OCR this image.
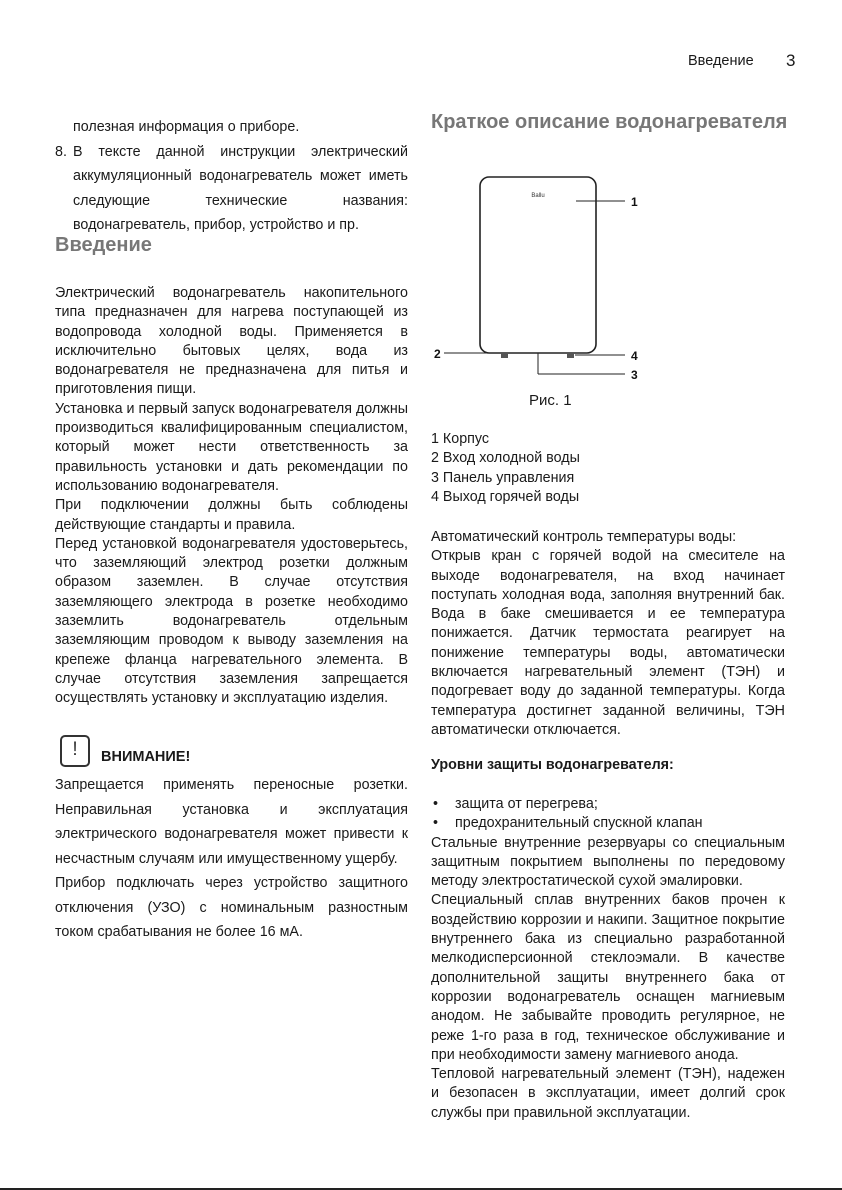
Введение 3

полезная информация о приборе.

8. В тексте данной инструкции электрический аккумуляционный водонагреватель может иметь следующие технические названия: водонагреватель, прибор, устройство и пр.

Введение

Электрический водонагреватель накопительного типа предназначен для нагрева поступающей из водопровода холодной воды. Применяется в исключительно бытовых целях, вода из водонагревателя не предназначена для питья и приготовления пищи.

Установка и первый запуск водонагревателя должны производиться квалифицированным специалистом, который может нести ответственность за правильность установки и дать рекомендации по использованию водонагревателя.

При подключении должны быть соблюдены действующие стандарты и правила.

Перед установкой водонагревателя удостоверьтесь, что заземляющий электрод розетки должным образом заземлен. В случае отсутствия заземляющего электрода в розетке необходимо заземлить водонагреватель отдельным заземляющим проводом к выводу заземления на крепеже фланца нагревательного элемента. В случае отсутствия заземления запрещается осуществлять установку и эксплуатацию изделия.

!	ВНИМАНИЕ!

Запрещается применять переносные розетки. Неправильная установка и эксплуатация электрического водонагревателя может привести к несчастным случаям или имущественному ущербу.

Прибор подключать через устройство защитного отключения (УЗО) с номинальным разностным током срабатывания не более 16 мА.

Краткое описание водонагревателя
Ballu	1
2	4
3
Рис. 1

1 Корпус

2 Вход холодной воды

3 Панель управления

4 Выход горячей воды

Автоматический контроль температуры воды:

Открыв кран с горячей водой на смесителе на выходе водонагревателя, на вход начинает поступать холодная вода, заполняя внутренний бак. Вода в баке смешивается и ее температура понижается. Датчик термостата реагирует на понижение температуры воды, автоматически включается нагревательный элемент (ТЭН) и подогревает воду до заданной температуры. Когда температура достигнет заданной величины, ТЭН автоматически отключается.

Уровни защиты водонагревателя:

• защита от перегрева;

• предохранительный спускной клапан

Стальные внутренние резервуары со специальным защитным покрытием выполнены по передовому методу электростатической сухой эмалировки.

Специальный сплав внутренних баков прочен к воздействию коррозии и накипи. Защитное покрытие внутреннего бака из специально разработанной мелкодисперсионной стеклоэмали. В качестве дополнительной защиты внутреннего бака от коррозии водонагреватель оснащен магниевым анодом. Не забывайте проводить регулярное, не реже 1-го раза в год, техническое обслуживание и при необходимости замену магниевого анода.

Тепловой нагревательный элемент (ТЭН), надежен и безопасен в эксплуатации, имеет долгий срок службы при правильной эксплуатации.
